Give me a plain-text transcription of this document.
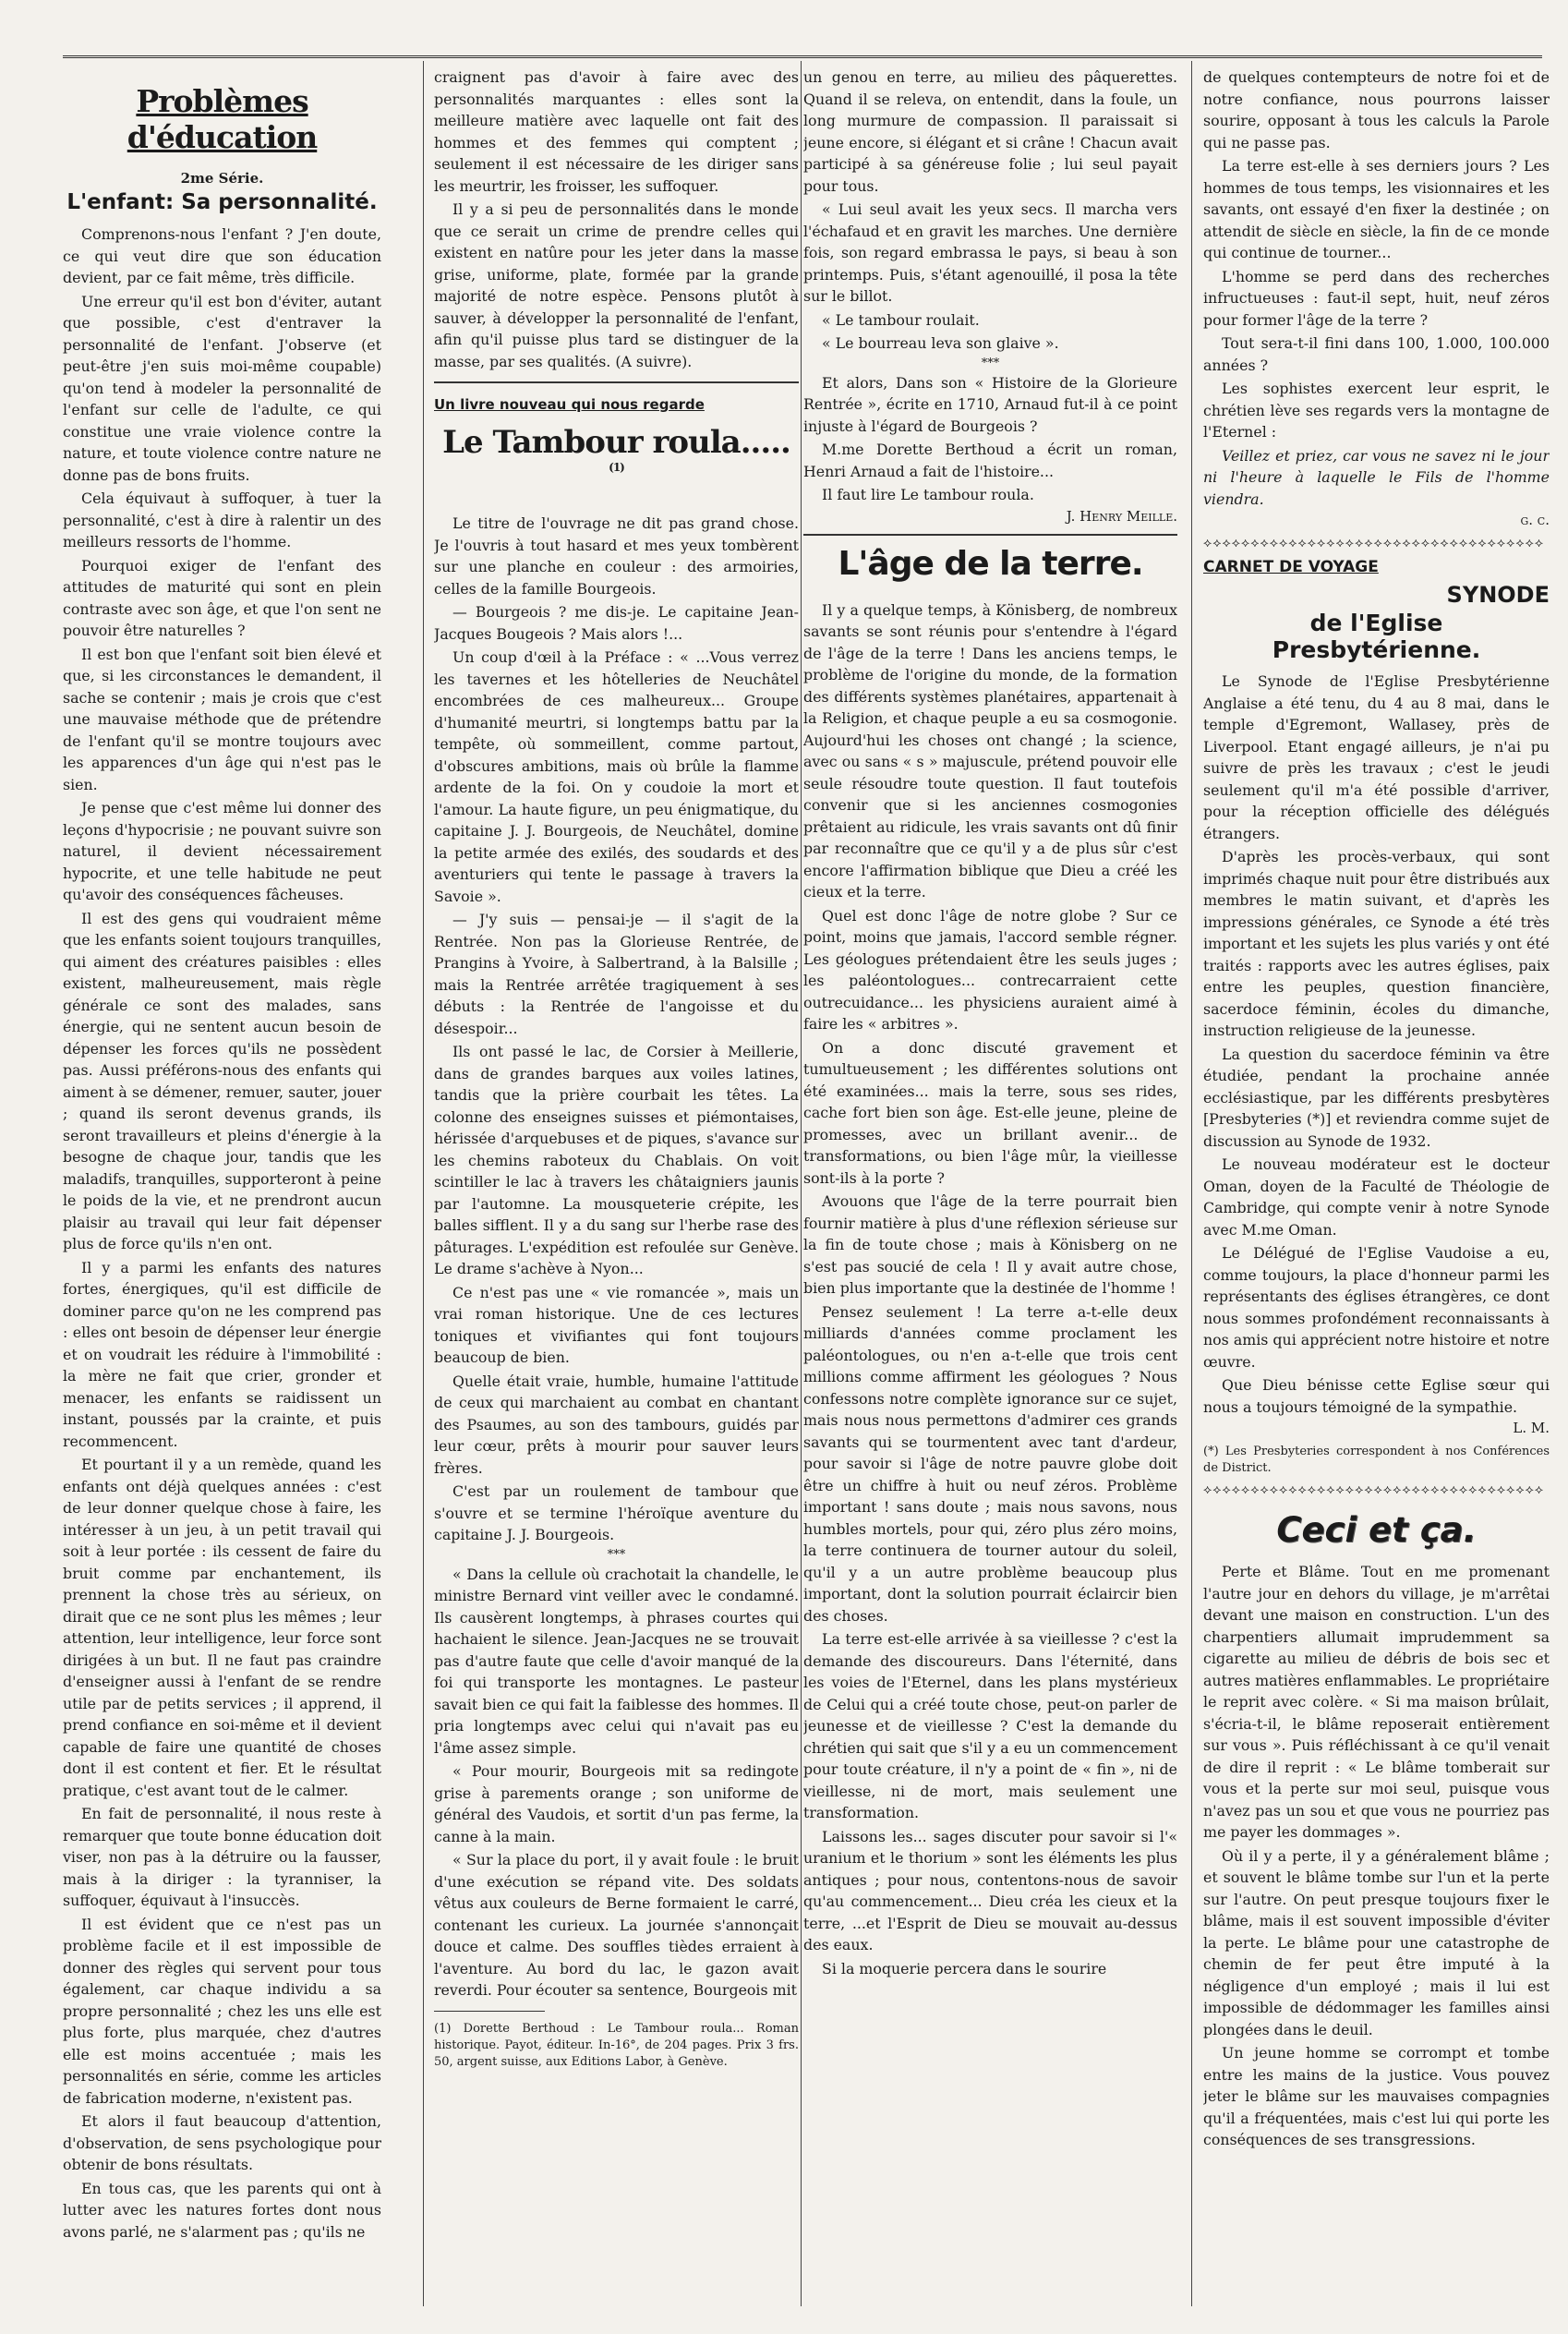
Problèmes d'éducation
2me Série.
L'enfant: Sa personnalité.

Comprenons-nous l'enfant ? J'en doute, ce qui veut dire que son éducation devient, par ce fait même, très difficile.

Une erreur qu'il est bon d'éviter, autant que possible, c'est d'entraver la personnalité de l'enfant. J'observe (et peut-être j'en suis moi-même coupable) qu'on tend à modeler la personnalité de l'enfant sur celle de l'adulte, ce qui constitue une vraie violence contre la nature, et toute violence contre nature ne donne pas de bons fruits.

Cela équivaut à suffoquer, à tuer la personnalité, c'est à dire à ralentir un des meilleurs ressorts de l'homme.

Pourquoi exiger de l'enfant des attitudes de maturité qui sont en plein contraste avec son âge, et que l'on sent ne pouvoir être naturelles ?

Il est bon que l'enfant soit bien élevé et que, si les circonstances le demandent, il sache se contenir ; mais je crois que c'est une mauvaise méthode que de prétendre de l'enfant qu'il se montre toujours avec les apparences d'un âge qui n'est pas le sien.

Je pense que c'est même lui donner des leçons d'hypocrisie ; ne pouvant suivre son naturel, il devient nécessairement hypocrite, et une telle habitude ne peut qu'avoir des conséquences fâcheuses.

Il est des gens qui voudraient même que les enfants soient toujours tranquilles, qui aiment des créatures paisibles : elles existent, malheureusement, mais règle générale ce sont des malades, sans énergie, qui ne sentent aucun besoin de dépenser les forces qu'ils ne possèdent pas. Aussi préférons-nous des enfants qui aiment à se démener, remuer, sauter, jouer ; quand ils seront devenus grands, ils seront travailleurs et pleins d'énergie à la besogne de chaque jour, tandis que les maladifs, tranquilles, supporteront à peine le poids de la vie, et ne prendront aucun plaisir au travail qui leur fait dépenser plus de force qu'ils n'en ont.

Il y a parmi les enfants des natures fortes, énergiques, qu'il est difficile de dominer parce qu'on ne les comprend pas : elles ont besoin de dépenser leur énergie et on voudrait les réduire à l'immobilité : la mère ne fait que crier, gronder et menacer, les enfants se raidissent un instant, poussés par la crainte, et puis recommencent.

Et pourtant il y a un remède, quand les enfants ont déjà quelques années : c'est de leur donner quelque chose à faire, les intéresser à un jeu, à un petit travail qui soit à leur portée : ils cessent de faire du bruit comme par enchantement, ils prennent la chose très au sérieux, on dirait que ce ne sont plus les mêmes ; leur attention, leur intelligence, leur force sont dirigées à un but. Il ne faut pas craindre d'enseigner aussi à l'enfant de se rendre utile par de petits services ; il apprend, il prend confiance en soi-même et il devient capable de faire une quantité de choses dont il est content et fier. Et le résultat pratique, c'est avant tout de le calmer.

En fait de personnalité, il nous reste à remarquer que toute bonne éducation doit viser, non pas à la détruire ou la fausser, mais à la diriger : la tyranniser, la suffoquer, équivaut à l'insuccès.

Il est évident que ce n'est pas un problème facile et il est impossible de donner des règles qui servent pour tous également, car chaque individu a sa propre personnalité ; chez les uns elle est plus forte, plus marquée, chez d'autres elle est moins accentuée ; mais les personnalités en série, comme les articles de fabrication moderne, n'existent pas.

Et alors il faut beaucoup d'attention, d'observation, de sens psychologique pour obtenir de bons résultats.

En tous cas, que les parents qui ont à lutter avec les natures fortes dont nous avons parlé, ne s'alarment pas ; qu'ils ne

craignent pas d'avoir à faire avec des personnalités marquantes : elles sont la meilleure matière avec laquelle ont fait des hommes et des femmes qui comptent ; seulement il est nécessaire de les diriger sans les meurtrir, les froisser, les suffoquer.

Il y a si peu de personnalités dans le monde que ce serait un crime de prendre celles qui existent en natûre pour les jeter dans la masse grise, uniforme, plate, formée par la grande majorité de notre espèce. Pensons plutôt à sauver, à développer la personnalité de l'enfant, afin qu'il puisse plus tard se distinguer de la masse, par ses qualités. (A suivre).

Un livre nouveau qui nous regarde
Le Tambour roula..... $^{(1)}$

Le titre de l'ouvrage ne dit pas grand chose. Je l'ouvris à tout hasard et mes yeux tombèrent sur une planche en couleur : des armoiries, celles de la famille Bourgeois.

— Bourgeois ? me dis-je. Le capitaine Jean-Jacques Bougeois ? Mais alors !...

Un coup d'œil à la Préface : « ...Vous verrez les tavernes et les hôtelleries de Neuchâtel encombrées de ces malheureux... Groupe d'humanité meurtri, si longtemps battu par la tempête, où sommeillent, comme partout, d'obscures ambitions, mais où brûle la flamme ardente de la foi. On y coudoie la mort et l'amour. La haute figure, un peu énigmatique, du capitaine J. J. Bourgeois, de Neuchâtel, domine la petite armée des exilés, des soudards et des aventuriers qui tente le passage à travers la Savoie ».

— J'y suis — pensai-je — il s'agit de la Rentrée. Non pas la Glorieuse Rentrée, de Prangins à Yvoire, à Salbertrand, à la Balsille ; mais la Rentrée arrêtée tragiquement à ses débuts : la Rentrée de l'angoisse et du désespoir...

Ils ont passé le lac, de Corsier à Meillerie, dans de grandes barques aux voiles latines, tandis que la prière courbait les têtes. La colonne des enseignes suisses et piémontaises, hérissée d'arquebuses et de piques, s'avance sur les chemins raboteux du Chablais. On voit scintiller le lac à travers les châtaigniers jaunis par l'automne. La mousqueterie crépite, les balles sifflent. Il y a du sang sur l'herbe rase des pâturages. L'expédition est refoulée sur Genève. Le drame s'achève à Nyon...

Ce n'est pas une « vie romancée », mais un vrai roman historique. Une de ces lectures toniques et vivifiantes qui font toujours beaucoup de bien.

Quelle était vraie, humble, humaine l'attitude de ceux qui marchaient au combat en chantant des Psaumes, au son des tambours, guidés par leur cœur, prêts à mourir pour sauver leurs frères.

C'est par un roulement de tambour que s'ouvre et se termine l'héroïque aventure du capitaine J. J. Bourgeois.

***

« Dans la cellule où crachotait la chandelle, le ministre Bernard vint veiller avec le condamné. Ils causèrent longtemps, à phrases courtes qui hachaient le silence. Jean-Jacques ne se trouvait pas d'autre faute que celle d'avoir manqué de la foi qui transporte les montagnes. Le pasteur savait bien ce qui fait la faiblesse des hommes. Il pria longtemps avec celui qui n'avait pas eu l'âme assez simple.

« Pour mourir, Bourgeois mit sa redingote grise à parements orange ; son uniforme de général des Vaudois, et sortit d'un pas ferme, la canne à la main.

« Sur la place du port, il y avait foule : le bruit d'une exécution se répand vite. Des soldats vêtus aux couleurs de Berne formaient le carré, contenant les curieux. La journée s'annonçait douce et calme. Des souffles tièdes erraient à l'aventure. Au bord du lac, le gazon avait reverdi. Pour écouter sa sentence, Bourgeois mit

(1) Dorette Berthoud : Le Tambour roula... Roman historique. Payot, éditeur. In-16°, de 204 pages. Prix 3 frs. 50, argent suisse, aux Editions Labor, à Genève.

un genou en terre, au milieu des pâquerettes. Quand il se releva, on entendit, dans la foule, un long murmure de compassion. Il paraissait si jeune encore, si élégant et si crâne ! Chacun avait participé à sa généreuse folie ; lui seul payait pour tous.

« Lui seul avait les yeux secs. Il marcha vers l'échafaud et en gravit les marches. Une dernière fois, son regard embrassa le pays, si beau à son printemps. Puis, s'étant agenouillé, il posa la tête sur le billot.

« Le tambour roulait.

« Le bourreau leva son glaive ».

***

Et alors, Dans son « Histoire de la Glorieure Rentrée », écrite en 1710, Arnaud fut-il à ce point injuste à l'égard de Bourgeois ?

M.me Dorette Berthoud a écrit un roman, Henri Arnaud a fait de l'histoire...

Il faut lire Le tambour roula.

J. Henry Meille.
L'âge de la terre.

Il y a quelque temps, à Könisberg, de nombreux savants se sont réunis pour s'entendre à l'égard de l'âge de la terre ! Dans les anciens temps, le problème de l'origine du monde, de la formation des différents systèmes planétaires, appartenait à la Religion, et chaque peuple a eu sa cosmogonie. Aujourd'hui les choses ont changé ; la science, avec ou sans « s » majuscule, prétend pouvoir elle seule résoudre toute question. Il faut toutefois convenir que si les anciennes cosmogonies prêtaient au ridicule, les vrais savants ont dû finir par reconnaître que ce qu'il y a de plus sûr c'est encore l'affirmation biblique que Dieu a créé les cieux et la terre.

Quel est donc l'âge de notre globe ? Sur ce point, moins que jamais, l'accord semble régner. Les géologues prétendaient être les seuls juges ; les paléontologues... contrecarraient cette outrecuidance... les physiciens auraient aimé à faire les « arbitres ».

On a donc discuté gravement et tumultueusement ; les différentes solutions ont été examinées... mais la terre, sous ses rides, cache fort bien son âge. Est-elle jeune, pleine de promesses, avec un brillant avenir... de transformations, ou bien l'âge mûr, la vieillesse sont-ils à la porte ?

Avouons que l'âge de la terre pourrait bien fournir matière à plus d'une réflexion sérieuse sur la fin de toute chose ; mais à Könisberg on ne s'est pas soucié de cela ! Il y avait autre chose, bien plus importante que la destinée de l'homme !

Pensez seulement ! La terre a-t-elle deux milliards d'années comme proclament les paléontologues, ou n'en a-t-elle que trois cent millions comme affirment les géologues ? Nous confessons notre complète ignorance sur ce sujet, mais nous nous permettons d'admirer ces grands savants qui se tourmentent avec tant d'ardeur, pour savoir si l'âge de notre pauvre globe doit être un chiffre à huit ou neuf zéros. Problème important ! sans doute ; mais nous savons, nous humbles mortels, pour qui, zéro plus zéro moins, la terre continuera de tourner autour du soleil, qu'il y a un autre problème beaucoup plus important, dont la solution pourrait éclaircir bien des choses.

La terre est-elle arrivée à sa vieillesse ? c'est la demande des discoureurs. Dans l'éternité, dans les voies de l'Eternel, dans les plans mystérieux de Celui qui a créé toute chose, peut-on parler de jeunesse et de vieillesse ? C'est la demande du chrétien qui sait que s'il y a eu un commencement pour toute créature, il n'y a point de « fin », ni de vieillesse, ni de mort, mais seulement une transformation.

Laissons les... sages discuter pour savoir si l'« uranium et le thorium » sont les éléments les plus antiques ; pour nous, contentons-nous de savoir qu'au commencement... Dieu créa les cieux et la terre, ...et l'Esprit de Dieu se mouvait au-dessus des eaux.

Si la moquerie percera dans le sourire

de quelques contempteurs de notre foi et de notre confiance, nous pourrons laisser sourire, opposant à tous les calculs la Parole qui ne passe pas.

La terre est-elle à ses derniers jours ? Les hommes de tous temps, les visionnaires et les savants, ont essayé d'en fixer la destinée ; on attendit de siècle en siècle, la fin de ce monde qui continue de tourner...

L'homme se perd dans des recherches infructueuses : faut-il sept, huit, neuf zéros pour former l'âge de la terre ?

Tout sera-t-il fini dans 100, 1.000, 100.000 années ?

Les sophistes exercent leur esprit, le chrétien lève ses regards vers la montagne de l'Eternel :

Veillez et priez, car vous ne savez ni le jour ni l'heure à laquelle le Fils de l'homme viendra.

g. c.
⟡⟡⟡⟡⟡⟡⟡⟡⟡⟡⟡⟡⟡⟡⟡⟡⟡⟡⟡⟡⟡⟡⟡⟡⟡⟡⟡⟡⟡⟡⟡⟡⟡⟡⟡⟡
CARNET DE VOYAGE
SYNODE
de l'Eglise Presbytérienne.

Le Synode de l'Eglise Presbytérienne Anglaise a été tenu, du 4 au 8 mai, dans le temple d'Egremont, Wallasey, près de Liverpool. Etant engagé ailleurs, je n'ai pu suivre de près les travaux ; c'est le jeudi seulement qu'il m'a été possible d'arriver, pour la réception officielle des délégués étrangers.

D'après les procès-verbaux, qui sont imprimés chaque nuit pour être distribués aux membres le matin suivant, et d'après les impressions générales, ce Synode a été très important et les sujets les plus variés y ont été traités : rapports avec les autres églises, paix entre les peuples, question financière, sacerdoce féminin, écoles du dimanche, instruction religieuse de la jeunesse.

La question du sacerdoce féminin va être étudiée, pendant la prochaine année ecclésiastique, par les différents presbytères [Presbyteries (*)] et reviendra comme sujet de discussion au Synode de 1932.

Le nouveau modérateur est le docteur Oman, doyen de la Faculté de Théologie de Cambridge, qui compte venir à notre Synode avec M.me Oman.

Le Délégué de l'Eglise Vaudoise a eu, comme toujours, la place d'honneur parmi les représentants des églises étrangères, ce dont nous sommes profondément reconnaissants à nos amis qui apprécient notre histoire et notre œuvre.

Que Dieu bénisse cette Eglise sœur qui nous a toujours témoigné de la sympathie.

L. M.

(*) Les Presbyteries correspondent à nos Conférences de District.

⟡⟡⟡⟡⟡⟡⟡⟡⟡⟡⟡⟡⟡⟡⟡⟡⟡⟡⟡⟡⟡⟡⟡⟡⟡⟡⟡⟡⟡⟡⟡⟡⟡⟡⟡⟡
Ceci et ça.

Perte et Blâme. Tout en me promenant l'autre jour en dehors du village, je m'arrêtai devant une maison en construction. L'un des charpentiers allumait imprudemment sa cigarette au milieu de débris de bois sec et autres matières enflammables. Le propriétaire le reprit avec colère. « Si ma maison brûlait, s'écria-t-il, le blâme reposerait entièrement sur vous ». Puis réfléchissant à ce qu'il venait de dire il reprit : « Le blâme tomberait sur vous et la perte sur moi seul, puisque vous n'avez pas un sou et que vous ne pourriez pas me payer les dommages ».

Où il y a perte, il y a généralement blâme ; et souvent le blâme tombe sur l'un et la perte sur l'autre. On peut presque toujours fixer le blâme, mais il est souvent impossible d'éviter la perte. Le blâme pour une catastrophe de chemin de fer peut être imputé à la négligence d'un employé ; mais il lui est impossible de dédommager les familles ainsi plongées dans le deuil.

Un jeune homme se corrompt et tombe entre les mains de la justice. Vous pouvez jeter le blâme sur les mauvaises compagnies qu'il a fréquentées, mais c'est lui qui porte les conséquences de ses transgressions.
